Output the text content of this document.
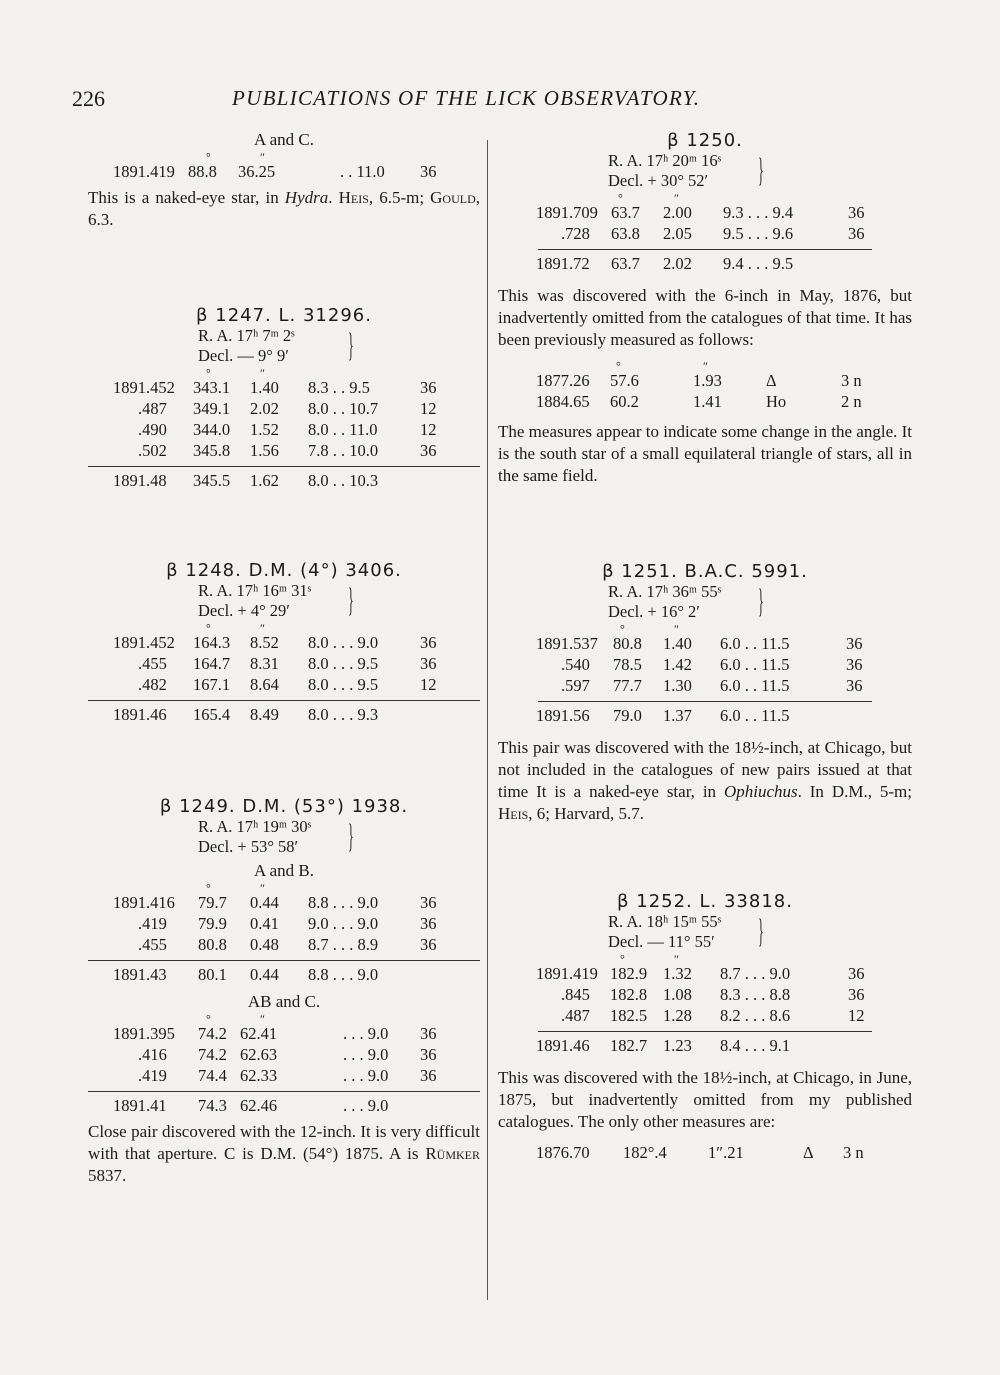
226	PUBLICATIONS OF THE LICK OBSERVATORY.
A and C.
°	″
1891.419 88.8 36.25	. . 11.0 36

This is a naked-eye star, in Hydra. Heis, 6.5-m; Gould, 6.3.

β 1247. L. 31296.
R. A. 17ʰ 7ᵐ 2ˢ
Decl. — 9° 9′	}
°	″
1891.452 343.1 1.40 8.3 . . 9.5	36
.487 349.1 2.02 8.0 . . 10.7	12
.490 344.0 1.52 8.0 . . 11.0	12
.502 345.8 1.56 7.8 . . 10.0	36
1891.48 345.5 1.62 8.0 . . 10.3
β 1248. D.M. (4°) 3406.
R. A. 17ʰ 16ᵐ 31ˢ
Decl. + 4° 29′	}
°	″
1891.452 164.3 8.52 8.0 . . . 9.0	36
.455 164.7 8.31 8.0 . . . 9.5	36
.482 167.1 8.64 8.0 . . . 9.5	12
1891.46 165.4 8.49 8.0 . . . 9.3
β 1249. D.M. (53°) 1938.
R. A. 17ʰ 19ᵐ 30ˢ
Decl. + 53° 58′	}
A and B.
°	″
1891.416 79.7 0.44 8.8 . . . 9.0	36
.419 79.9 0.41 9.0 . . . 9.0	36
.455 80.8 0.48 8.7 . . . 8.9	36
1891.43 80.1 0.44 8.8 . . . 9.0
AB and C.
°	″
1891.395 74.2 62.41	. . . 9.0 36
.416 74.2 62.63	. . . 9.0 36
.419 74.4 62.33	. . . 9.0 36
1891.41 74.3 62.46	. . . 9.0

Close pair discovered with the 12-inch. It is very difficult with that aperture. C is D.M. (54°) 1875. A is Rümker 5837.

β 1250.
R. A. 17ʰ 20ᵐ 16ˢ
Decl. + 30° 52′	}
°	″
1891.709 63.7 2.00 9.3 . . . 9.4	36
.728 63.8 2.05 9.5 . . . 9.6	36
1891.72 63.7 2.02 9.4 . . . 9.5

This was discovered with the 6-inch in May, 1876, but inadvertently omitted from the catalogues of that time. It has been previously measured as follows:

°	″
1877.26 57.6	1.93	Δ	3 n
1884.65 60.2	1.41	Ho	2 n

The measures appear to indicate some change in the angle. It is the south star of a small equilateral triangle of stars, all in the same field.

β 1251. B.A.C. 5991.
R. A. 17ʰ 36ᵐ 55ˢ
Decl. + 16° 2′	}
°	″
1891.537 80.8 1.40 6.0 . . 11.5	36
.540 78.5 1.42 6.0 . . 11.5	36
.597 77.7 1.30 6.0 . . 11.5	36
1891.56 79.0 1.37 6.0 . . 11.5

This pair was discovered with the 18½-inch, at Chicago, but not included in the catalogues of new pairs issued at that time It is a naked-eye star, in Ophiuchus. In D.M., 5-m; Heis, 6; Harvard, 5.7.

β 1252. L. 33818.
R. A. 18ʰ 15ᵐ 55ˢ
Decl. — 11° 55′	}
°	″
1891.419 182.9 1.32 8.7 . . . 9.0	36
.845 182.8 1.08 8.3 . . . 8.8	36
.487 182.5 1.28 8.2 . . . 8.6	12
1891.46 182.7 1.23 8.4 . . . 9.1

This was discovered with the 18½-inch, at Chicago, in June, 1875, but inadvertently omitted from my published catalogues. The only other measures are:

1876.70 182°.4	1″.21	Δ 3 n
